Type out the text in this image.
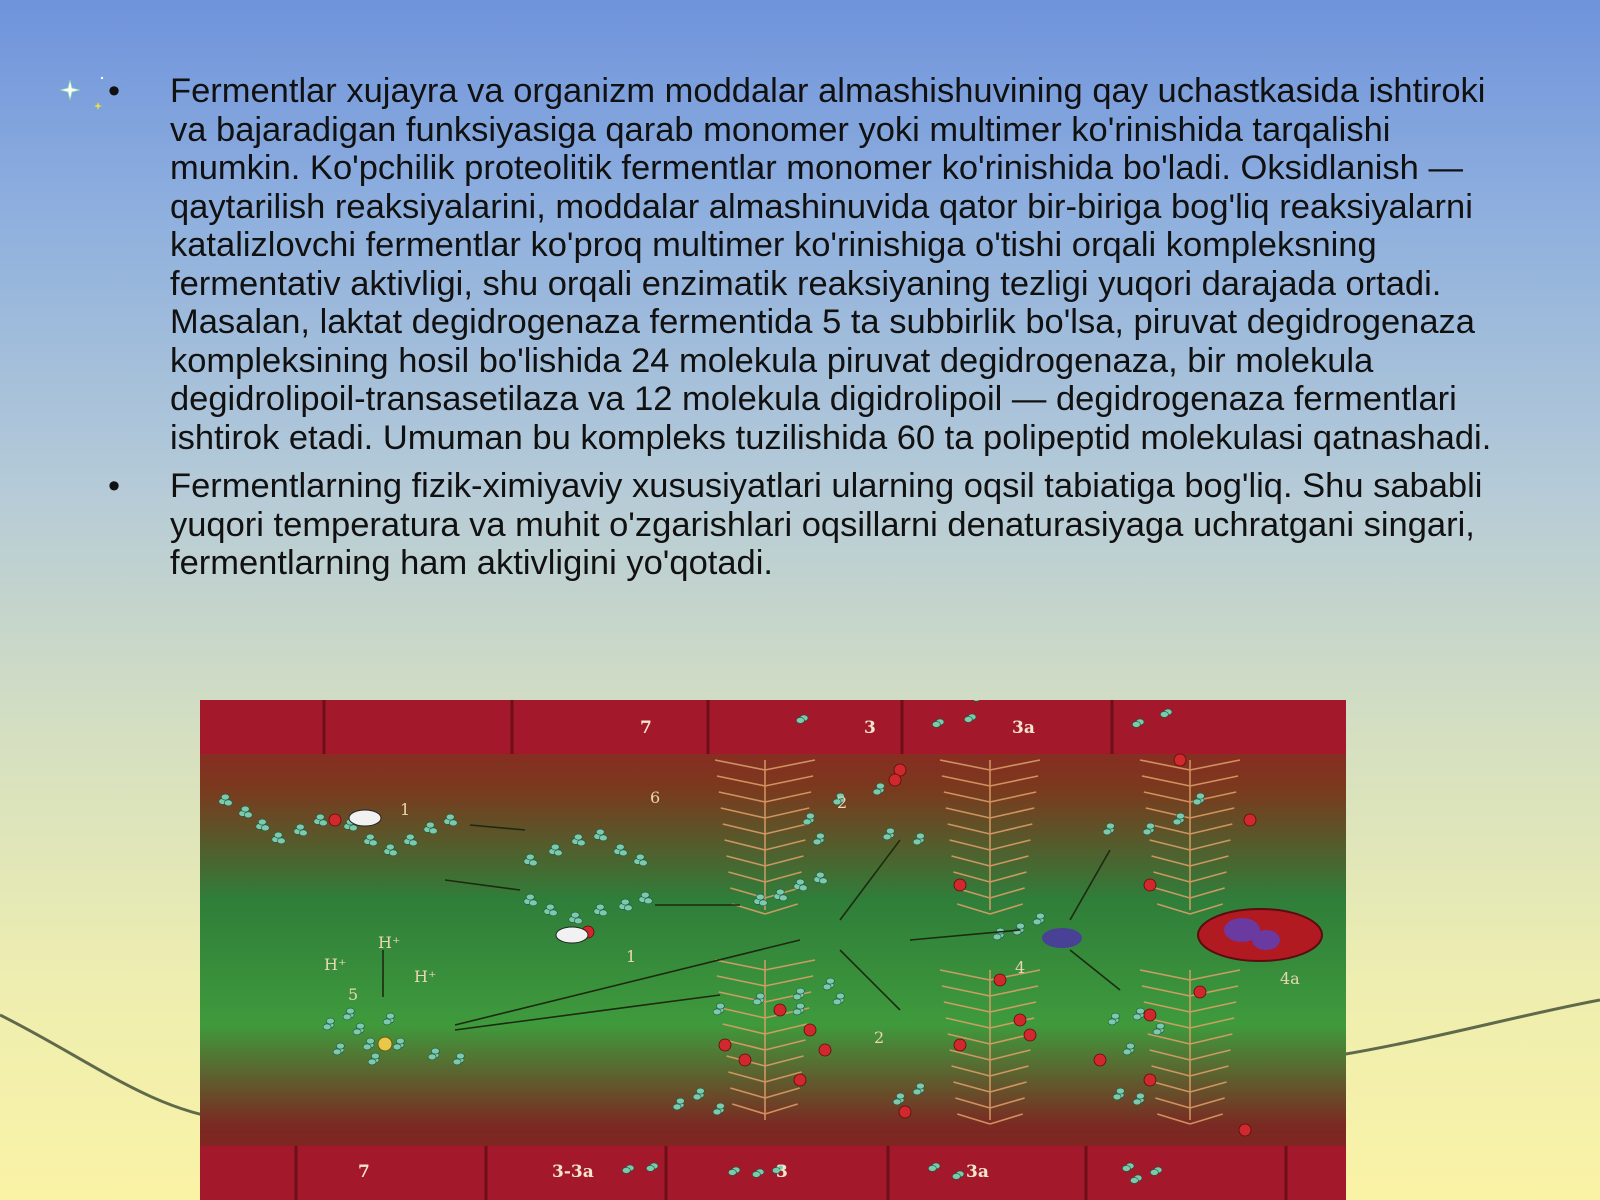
• Fermentlar xujayra va organizm moddalar almashishuvining qay uchastkasida ishtiroki va bajaradigan funksiyasiga qarab monomer yoki multimer ko'rinishida tarqalishi mumkin. Ko'pchilik proteolitik fermentlar monomer ko'rinishida bo'ladi. Oksidlanish — qaytarilish reaksiyalarini, moddalar almashinuvida qator bir-biriga bog'liq reaksiyalarni katalizlovchi fermentlar ko'proq multimer ko'rinishiga o'tishi orqali kompleksning fermentativ aktivligi, shu orqali enzimatik reaksiyaning tezligi yuqori darajada ortadi. Masalan, laktat degidrogenaza fermentida 5 ta subbirlik bo'lsa, piruvat degidrogenaza kompleksining hosil bo'lishida 24 molekula piruvat degidrogenaza, bir molekula degidrolipoil-transasetilaza va 12 molekula digidrolipoil — degidrogenaza fermentlari ishtirok etadi. Umuman bu kompleks tuzilishida 60 ta polipeptid molekulasi qatnashadi.
• Fermentlarning fizik-ximiyaviy xususiyatlari ularning oqsil tabiatiga bog'liq. Shu sababli yuqori temperatura va muhit o'zgarishlari oqsillarni denaturasiyaga uchratgani singari, fermentlarning ham aktivligini yo'qotadi.
7	3	3a
7	3-3a	3	3a
1
1
6	2
2
5
4
4a
H⁺
H⁺
H⁺
